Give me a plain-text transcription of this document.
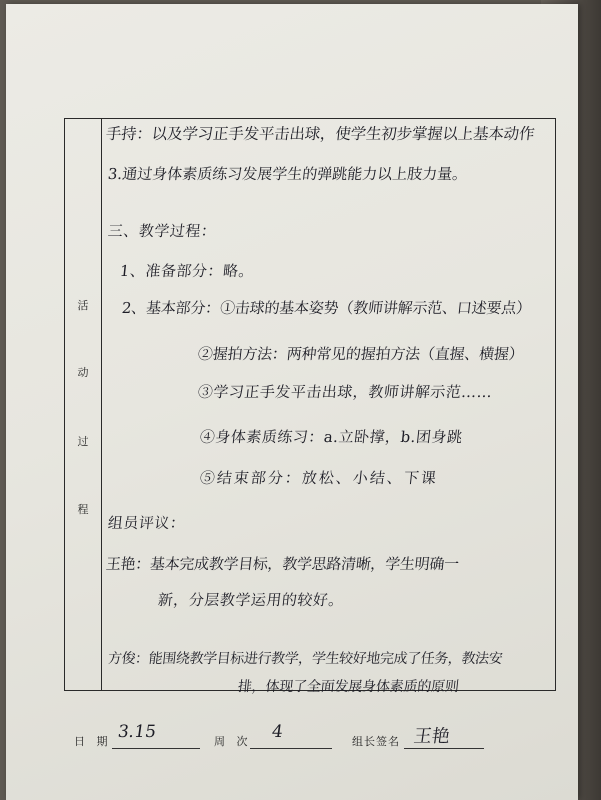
活
动
过
程
手持：以及学习正手发平击出球，使学生初步掌握以上基本动作
3.通过身体素质练习发展学生的弹跳能力以上肢力量。
三、教学过程：
1、准备部分：略。
2、基本部分：①击球的基本姿势（教师讲解示范、口述要点）
②握拍方法：两种常见的握拍方法（直握、横握）
③学习正手发平击出球，教师讲解示范……
④身体素质练习：a.立卧撑，b.团身跳
⑤结束部分：放松、小结、下课
组员评议：
王艳：基本完成教学目标，教学思路清晰，学生明确一
新，分层教学运用的较好。
方俊：能围绕教学目标进行教学，学生较好地完成了任务，教法安
排，体现了全面发展身体素质的原则
日 期 3.15	周 次 4	组长签名 王艳
